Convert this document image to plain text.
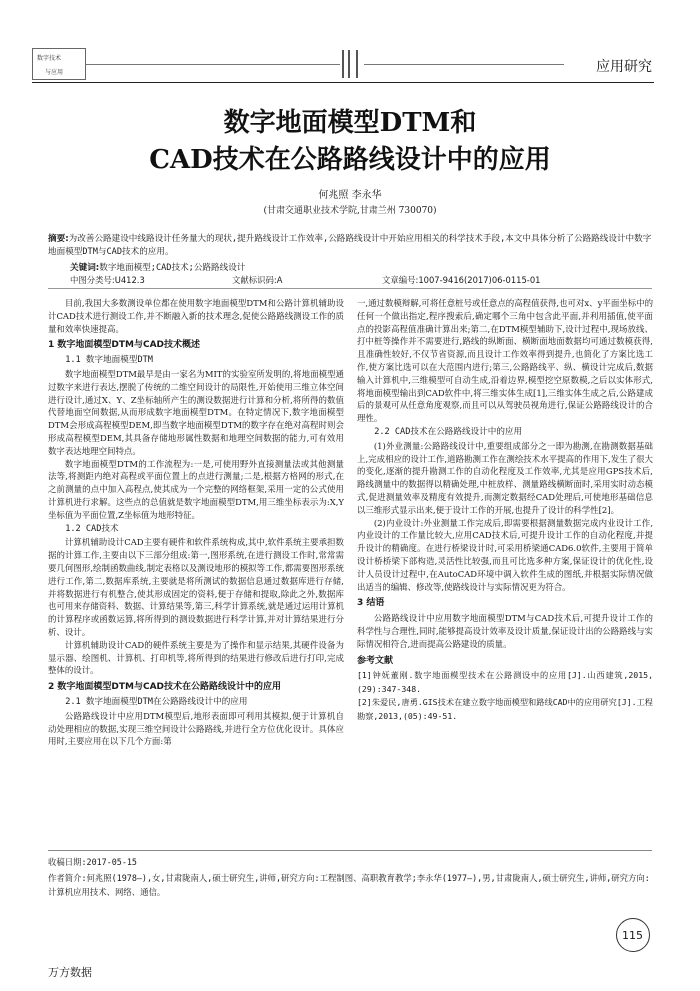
数字技术
与应用	应用研究
数字地面模型DTM和
CAD技术在公路路线设计中的应用
何兆照 李永华
(甘肃交通职业技术学院,甘肃兰州 730070)
摘要:为改善公路建设中线路设计任务量大的现状,提升路线设计工作效率,公路路线设计中开始应用相关的科学技术手段,本文中具体分析了公路路线设计中数字地面模型DTM与CAD技术的应用。
关键词:数字地面模型;CAD技术;公路路线设计
中图分类号:U412.3	文献标识码:A	文章编号:1007-9416(2017)06-0115-01

目前,我国大多数测设单位都在使用数字地面模型DTM和公路计算机辅助设计CAD技术进行测设工作,并不断融入新的技术理念,促使公路路线测设工作的质量和效率快速提高。

1 数字地面模型DTM与CAD技术概述
1.1 数字地面模型DTM

数字地面模型DTM最早是由一家名为MIT的实验室所发明的,将地面模型通过数字来进行表达,摆脱了传统的二维空间设计的局限性,开始使用三维立体空间进行设计,通过X、Y、Z坐标轴所产生的测设数据进行计算和分析,将所得的数值代替地面空间数据,从而形成数字地面模型DTM。在特定情况下,数字地面模型DTM会形成高程模型DEM,即当数字地面模型DTM的数字存在绝对高程时则会形成高程模型DEM,其具备存储地形属性数据和地理空间数据的能力,可有效用数字表达地理空间特点。

数字地面模型DTM的工作流程为:一是,可使用野外直接测量法或其他测量法等,将测距内绝对高程或平面位置上的点进行测量;二是,根据方格网的形式,在之前测量的点中加入高程点,使其成为一个完整的网络框架,采用一定的公式使用计算机进行求解。这些点的总值就是数字地面模型DTM,用三维坐标表示为:X,Y坐标值为平面位置,Z坐标值为地形特征。

1.2 CAD技术

计算机辅助设计CAD主要有硬件和软件系统构成,其中,软件系统主要承担数据的计算工作,主要由以下三部分组成:第一,图形系统,在进行测设工作时,常常需要几何图形,绘制函数曲线,制定表格以及测设地形的模拟等工作,都需要图形系统进行工作,第二,数据库系统,主要就是将所测试的数据信息通过数据库进行存储,并将数据进行有机整合,使其形成固定的资料,便于存储和提取,除此之外,数据库也可用来存储资料、数据、计算结果等,第三,科学计算系统,就是通过运用计算机的计算程序或函数运算,将所得到的测设数据进行科学计算,并对计算结果进行分析、设计。

计算机辅助设计CAD的硬件系统主要是为了操作和显示结果,其硬件设备为显示器、绘图机、计算机、打印机等,将所得到的结果进行修改后进行打印,完成整体的设计。

2 数字地面模型DTM与CAD技术在公路路线设计中的应用
2.1 数字地面模型DTM在公路路线设计中的应用

公路路线设计中应用DTM模型后,地形表面即可利用其模拟,便于计算机自动处理相应的数据,实现三维空间设计公路路线,并进行全方位优化设计。具体应用时,主要应用在以下几个方面:第

一,通过数模辩解,可将任意桩号或任意点的高程值获得,也可对x、y平面坐标中的任何一个做出指定,程序搜索后,确定哪个三角中包含此平面,并利用插值,使平面点的投影高程值准确计算出来;第二,在DTM模型辅助下,设计过程中,现场放线、打中桩等操作并不需要进行,路线的纵断面、横断面地面数据均可通过数模获得,且准确性较好,不仅节省资源,而且设计工作效率得到提升,也简化了方案比选工作,使方案比选可以在大范围内进行;第三,公路路线平、纵、横设计完成后,数据输入计算机中,三维模型可自动生成,沿着边界,模型挖空原数模,之后以实体形式,将地面模型输出到CAD软件中,将三维实体生成[1],三维实体生成之后,公路建成后的景观可从任意角度观察,而且可以从驾驶员视角进行,保证公路路线设计的合理性。

2.2 CAD技术在公路路线设计中的应用

(1)外业测量:公路路线设计中,重要组成部分之一即为勘测,在勘测数据基础上,完成相应的设计工作,道路勘测工作在测绘技术水平提高的作用下,发生了很大的变化,逐渐的提升勘测工作的自动化程度及工作效率,尤其是应用GPS技术后,路线测量中的数据得以精确处理,中桩放样、测量路线横断面时,采用实时动态模式,促进测量效率及精度有效提升,而测定数据经CAD处理后,可使地形基础信息以三维形式显示出来,便于设计工作的开展,也提升了设计的科学性[2]。

(2)内业设计:外业测量工作完成后,即需要根据测量数据完成内业设计工作,内业设计的工作量比较大,应用CAD技术后,可提升设计工作的自动化程度,并提升设计的精确度。在进行桥梁设计时,可采用桥梁通CAD6.0软件,主要用于简单设计桥桥梁下部构造,灵活性比较强,而且可比选多种方案,保证设计的优化性,设计人员设计过程中,在AutoCAD环境中调入软件生成的图纸,并根据实际情况做出适当的编辑、修改等,使路线设计与实际情况更为符合。

3 结语

公路路线设计中应用数字地面模型DTM与CAD技术后,可提升设计工作的科学性与合理性,同时,能够提高设计效率及设计质量,保证设计出的公路路线与实际情况相符合,进而提高公路建设的质量。

参考文献

[1]钟妩董刚.数字地面模型技术在公路测设中的应用[J].山西建筑,2015,(29):347-348.

[2]朱爱民,唐勇.GIS技术在建立数字地面模型和路线CAD中的应用研究[J].工程勘察,2013,(05):49-51.

收稿日期:2017-05-15
作者简介:何兆照(1978—),女,甘肃陇南人,硕士研究生,讲师,研究方向:工程制图、高职教育教学;李永华(1977—),男,甘肃陇南人,硕士研究生,讲师,研究方向:计算机应用技术、网络、通信。
115
万方数据
